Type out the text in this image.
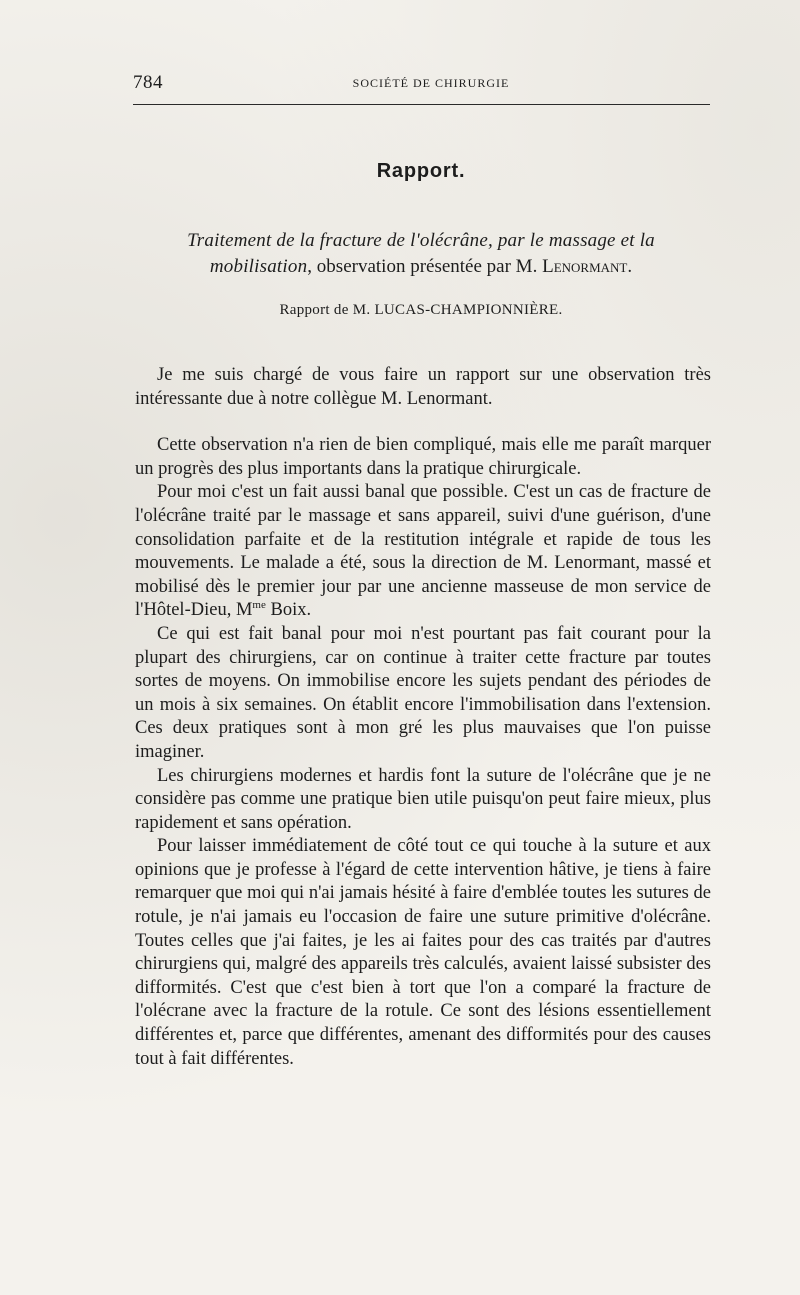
784	SOCIÉTÉ DE CHIRURGIE
Rapport.
Traitement de la fracture de l'olécrâne, par le massage et la
mobilisation, observation présentée par M. Lenormant.
Rapport de M. LUCAS-CHAMPIONNIÈRE.

Je me suis chargé de vous faire un rapport sur une observation très intéressante due à notre collègue M. Lenormant.

Cette observation n'a rien de bien compliqué, mais elle me paraît marquer un progrès des plus importants dans la pratique chirurgicale.

Pour moi c'est un fait aussi banal que possible. C'est un cas de fracture de l'olécrâne traité par le massage et sans appareil, suivi d'une guérison, d'une consolidation parfaite et de la restitution intégrale et rapide de tous les mouvements. Le malade a été, sous la direction de M. Lenormant, massé et mobilisé dès le premier jour par une ancienne masseuse de mon service de l'Hôtel-Dieu, $M^{me}$ Boix.

Ce qui est fait banal pour moi n'est pourtant pas fait courant pour la plupart des chirurgiens, car on continue à traiter cette fracture par toutes sortes de moyens. On immobilise encore les sujets pendant des périodes de un mois à six semaines. On établit encore l'immobilisation dans l'extension. Ces deux pratiques sont à mon gré les plus mauvaises que l'on puisse imaginer.

Les chirurgiens modernes et hardis font la suture de l'olécrâne que je ne considère pas comme une pratique bien utile puisqu'on peut faire mieux, plus rapidement et sans opération.

Pour laisser immédiatement de côté tout ce qui touche à la suture et aux opinions que je professe à l'égard de cette intervention hâtive, je tiens à faire remarquer que moi qui n'ai jamais hésité à faire d'emblée toutes les sutures de rotule, je n'ai jamais eu l'occasion de faire une suture primitive d'olécrâne. Toutes celles que j'ai faites, je les ai faites pour des cas traités par d'autres chirurgiens qui, malgré des appareils très calculés, avaient laissé subsister des difformités. C'est que c'est bien à tort que l'on a comparé la fracture de l'olécrane avec la fracture de la rotule. Ce sont des lésions essentiellement différentes et, parce que différentes, amenant des difformités pour des causes tout à fait différentes.
